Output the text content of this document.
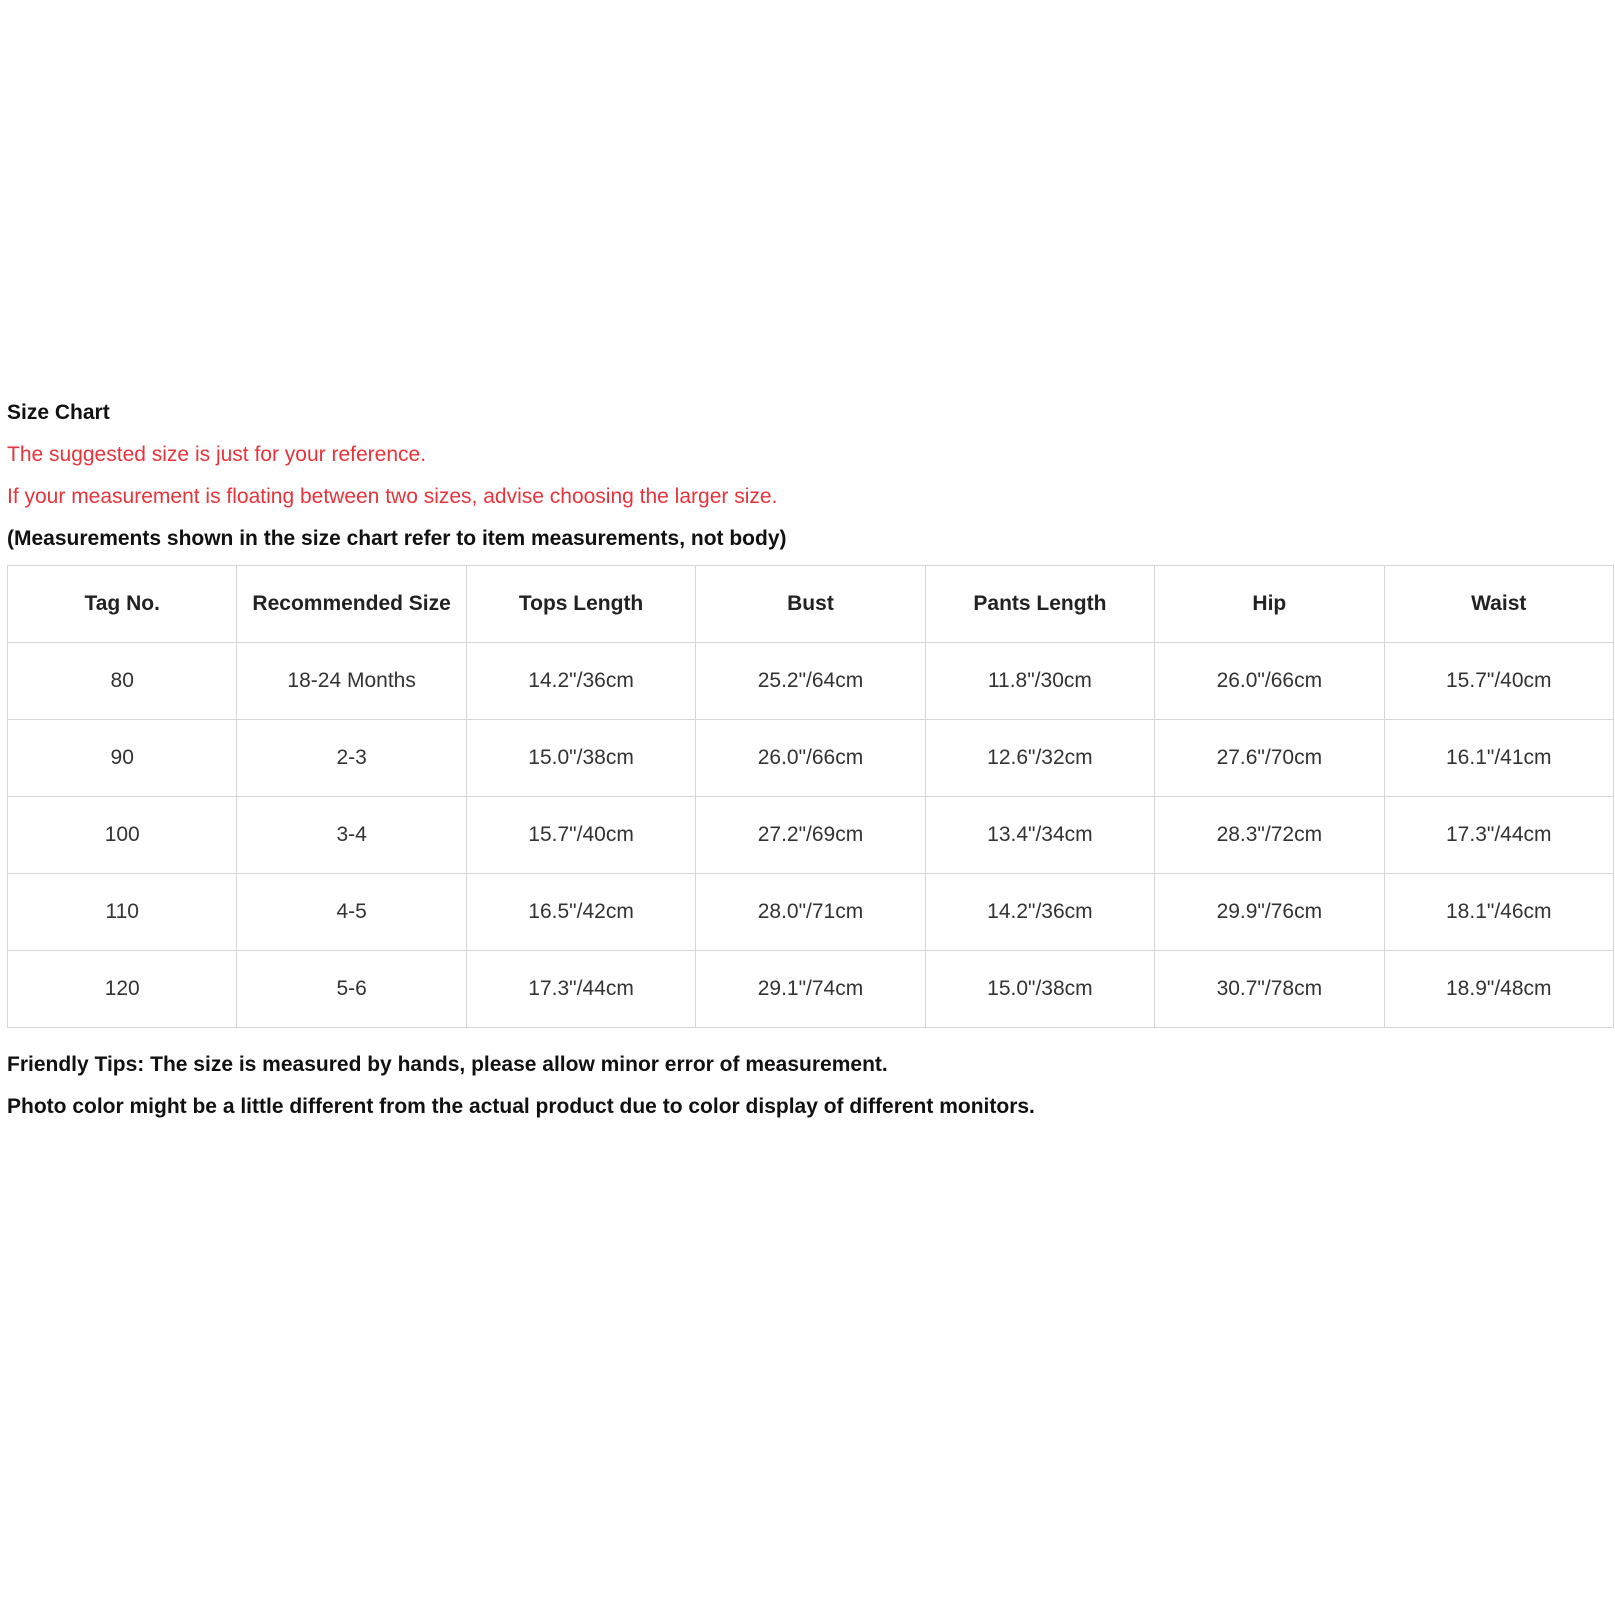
Size Chart
The suggested size is just for your reference.
If your measurement is floating between two sizes, advise choosing the larger size.
(Measurements shown in the size chart refer to item measurements, not body)
Tag No.	Recommended Size	Tops Length	Bust	Pants Length	Hip	Waist
80	18-24 Months	14.2"/36cm	25.2"/64cm	11.8"/30cm	26.0"/66cm	15.7"/40cm
90	2-3	15.0"/38cm	26.0"/66cm	12.6"/32cm	27.6"/70cm	16.1"/41cm
100	3-4	15.7"/40cm	27.2"/69cm	13.4"/34cm	28.3"/72cm	17.3"/44cm
110	4-5	16.5"/42cm	28.0"/71cm	14.2"/36cm	29.9"/76cm	18.1"/46cm
120	5-6	17.3"/44cm	29.1"/74cm	15.0"/38cm	30.7"/78cm	18.9"/48cm
Friendly Tips: The size is measured by hands, please allow minor error of measurement.
Photo color might be a little different from the actual product due to color display of different monitors.
